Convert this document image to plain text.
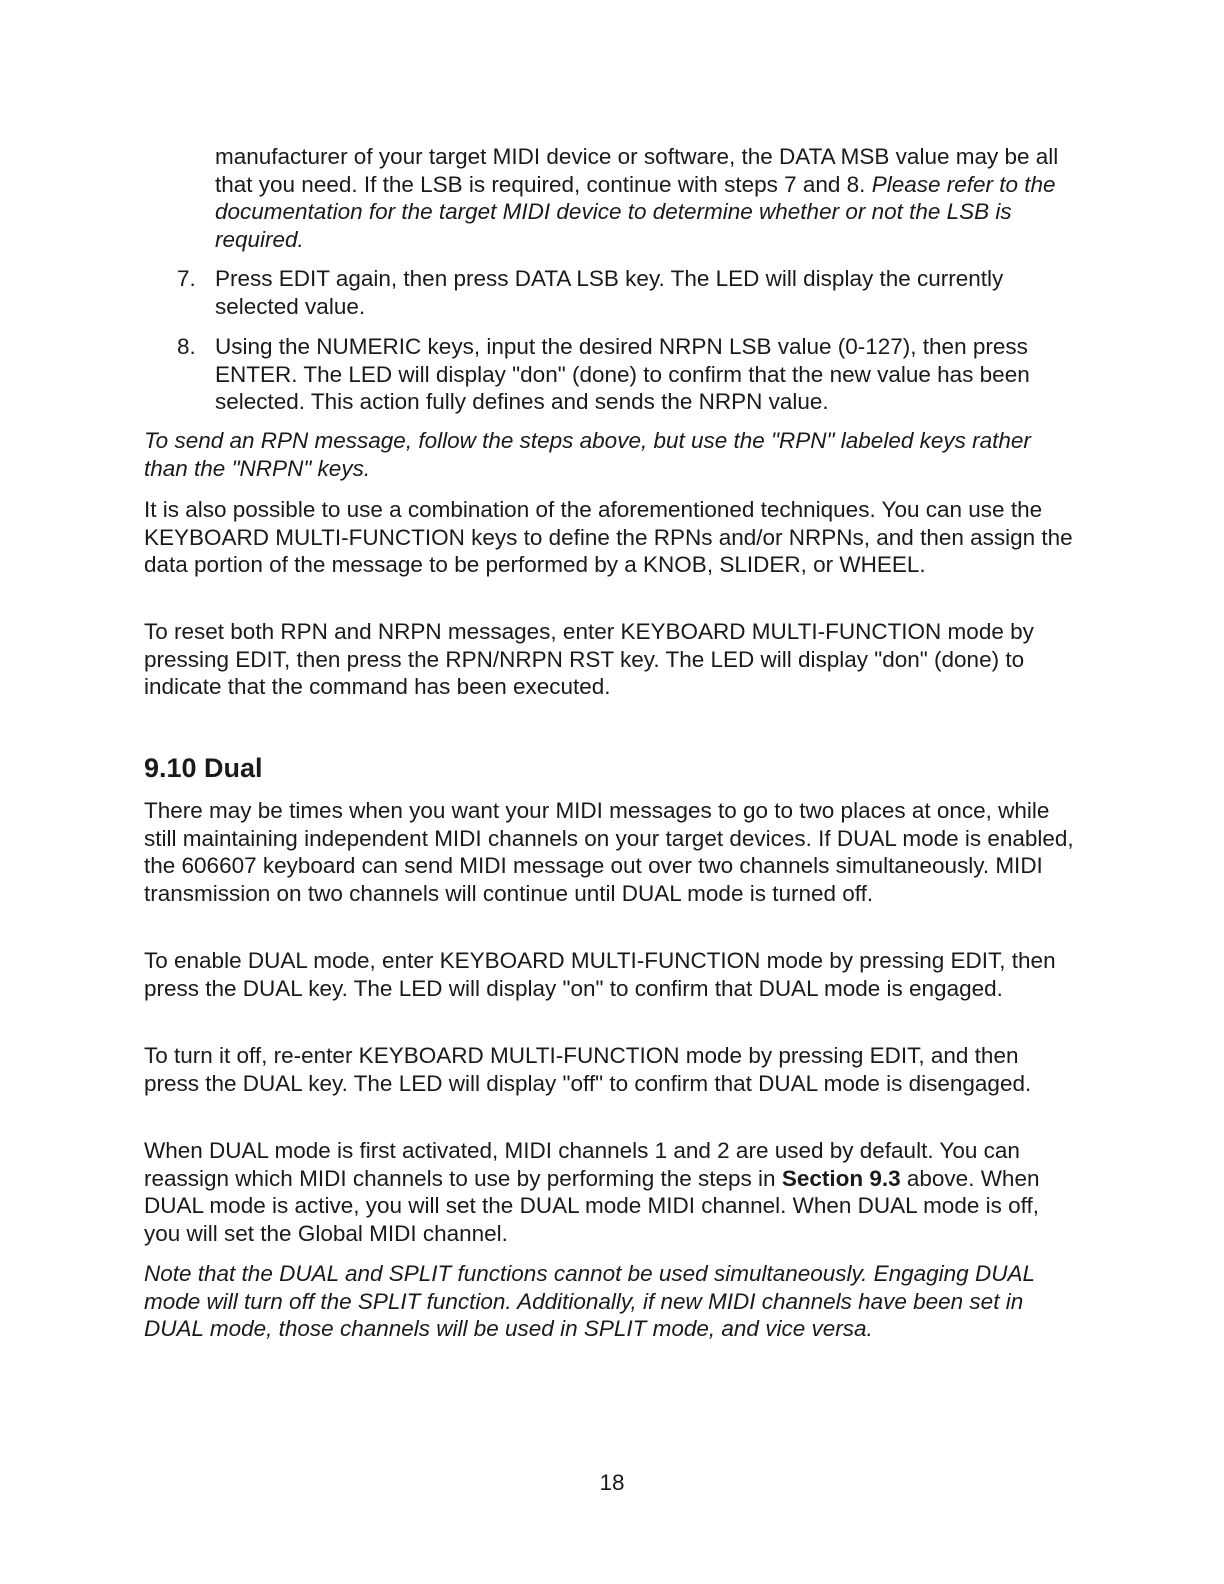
manufacturer of your target MIDI device or software, the DATA MSB value may be all that you need. If the LSB is required, continue with steps 7 and 8. Please refer to the documentation for the target MIDI device to determine whether or not the LSB is required.

7. Press EDIT again, then press DATA LSB key. The LED will display the currently selected value.

8. Using the NUMERIC keys, input the desired NRPN LSB value (0-127), then press ENTER. The LED will display "don" (done) to confirm that the new value has been selected. This action fully defines and sends the NRPN value.

To send an RPN message, follow the steps above, but use the "RPN" labeled keys rather than the "NRPN" keys.

It is also possible to use a combination of the aforementioned techniques. You can use the KEYBOARD MULTI-FUNCTION keys to define the RPNs and/or NRPNs, and then assign the data portion of the message to be performed by a KNOB, SLIDER, or WHEEL.

To reset both RPN and NRPN messages, enter KEYBOARD MULTI-FUNCTION mode by pressing EDIT, then press the RPN/NRPN RST key. The LED will display "don" (done) to indicate that the command has been executed.

9.10 Dual

There may be times when you want your MIDI messages to go to two places at once, while still maintaining independent MIDI channels on your target devices. If DUAL mode is enabled, the 606607 keyboard can send MIDI message out over two channels simultaneously. MIDI transmission on two channels will continue until DUAL mode is turned off.

To enable DUAL mode, enter KEYBOARD MULTI-FUNCTION mode by pressing EDIT, then press the DUAL key. The LED will display "on" to confirm that DUAL mode is engaged.

To turn it off, re-enter KEYBOARD MULTI-FUNCTION mode by pressing EDIT, and then press the DUAL key. The LED will display "off" to confirm that DUAL mode is disengaged.

When DUAL mode is first activated, MIDI channels 1 and 2 are used by default. You can reassign which MIDI channels to use by performing the steps in Section 9.3 above. When DUAL mode is active, you will set the DUAL mode MIDI channel. When DUAL mode is off, you will set the Global MIDI channel.

Note that the DUAL and SPLIT functions cannot be used simultaneously. Engaging DUAL mode will turn off the SPLIT function. Additionally, if new MIDI channels have been set in DUAL mode, those channels will be used in SPLIT mode, and vice versa.

18
